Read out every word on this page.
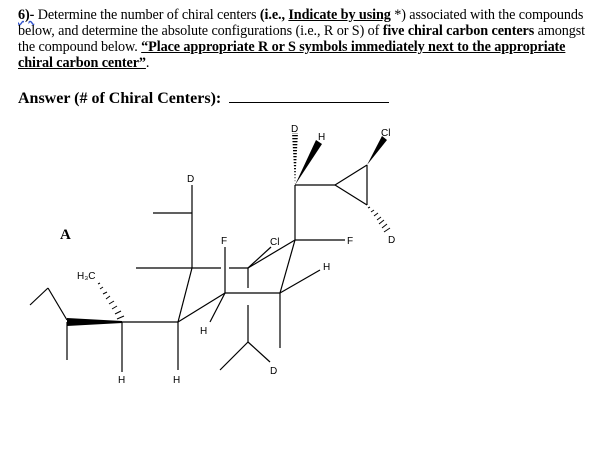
6)- Determine the number of chiral centers (i.e., Indicate by using *) associated with the compounds below, and determine the absolute configurations (i.e., R or S) of five chiral carbon centers amongst the compound below. “Place appropriate R or S symbols immediately next to the appropriate chiral carbon center”.
Answer (# of Chiral Centers):
A
D
H	Cl
D
D
F	Cl	F
H
H₃C
H
H	H
D
